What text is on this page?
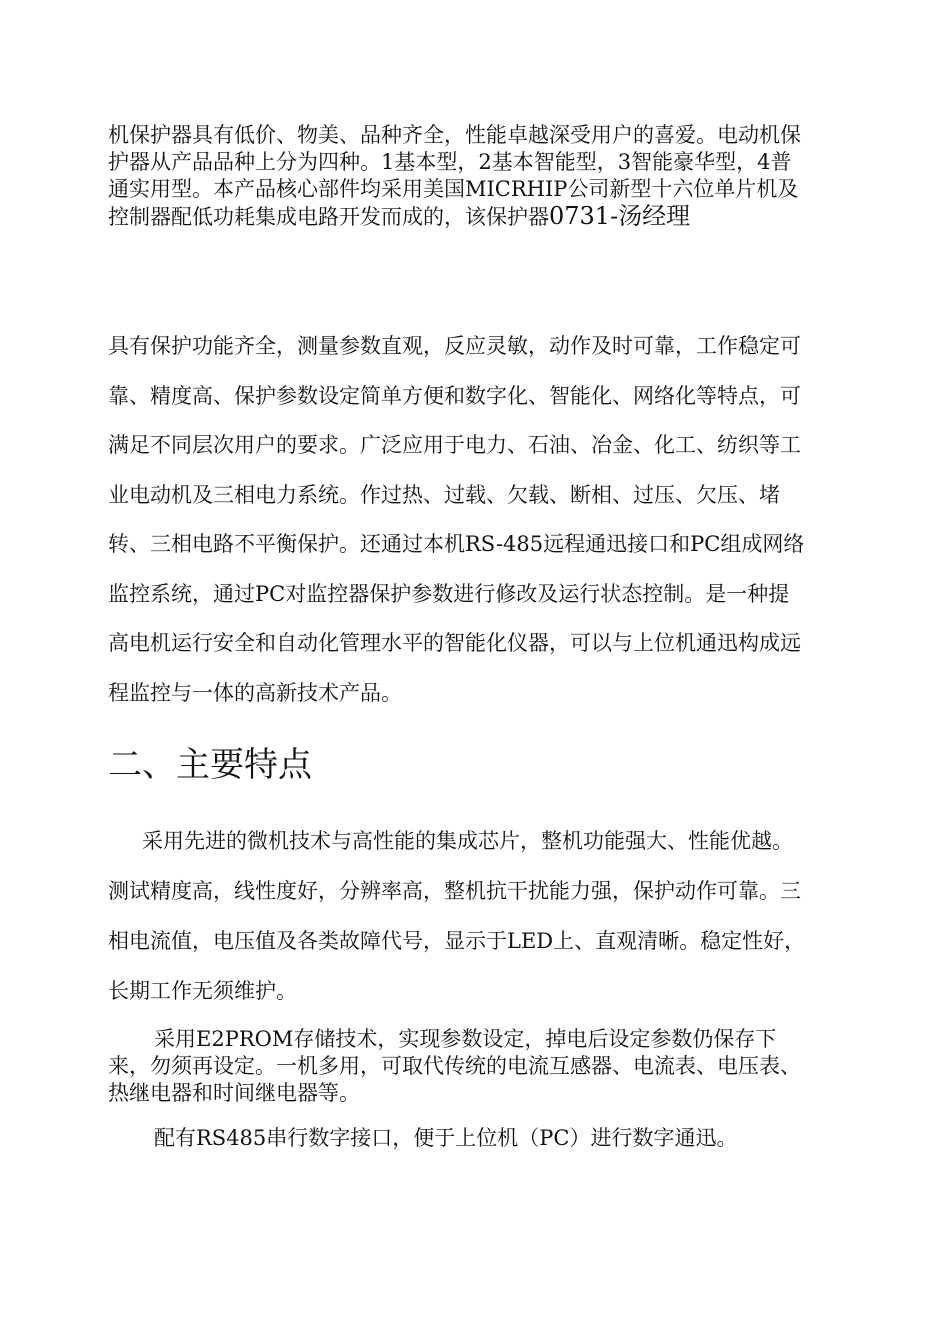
机保护器具有低价、物美、品种齐全，性能卓越深受用户的喜爱。电动机保护器从产品品种上分为四种。1基本型，2基本智能型，3智能豪华型，4普通实用型。本产品核心部件均采用美国MICRHIP公司新型十六位单片机及控制器配低功耗集成电路开发而成的，该保护器0731-汤经理

具有保护功能齐全，测量参数直观，反应灵敏，动作及时可靠，工作稳定可靠、精度高、保护参数设定简单方便和数字化、智能化、网络化等特点，可满足不同层次用户的要求。广泛应用于电力、石油、冶金、化工、纺织等工业电动机及三相电力系统。作过热、过载、欠载、断相、过压、欠压、堵转、三相电路不平衡保护。还通过本机RS-485远程通迅接口和PC组成网络监控系统，通过PC对监控器保护参数进行修改及运行状态控制。是一种提高电机运行安全和自动化管理水平的智能化仪器，可以与上位机通迅构成远程监控与一体的高新技术产品。

二、主要特点

采用先进的微机技术与高性能的集成芯片，整机功能强大、性能优越。测试精度高，线性度好，分辨率高，整机抗干扰能力强，保护动作可靠。三相电流值，电压值及各类故障代号，显示于LED上、直观清晰。稳定性好，长期工作无须维护。

采用E2PROM存储技术，实现参数设定，掉电后设定参数仍保存下来，勿须再设定。一机多用，可取代传统的电流互感器、电流表、电压表、热继电器和时间继电器等。

配有RS485串行数字接口，便于上位机（PC）进行数字通迅。
